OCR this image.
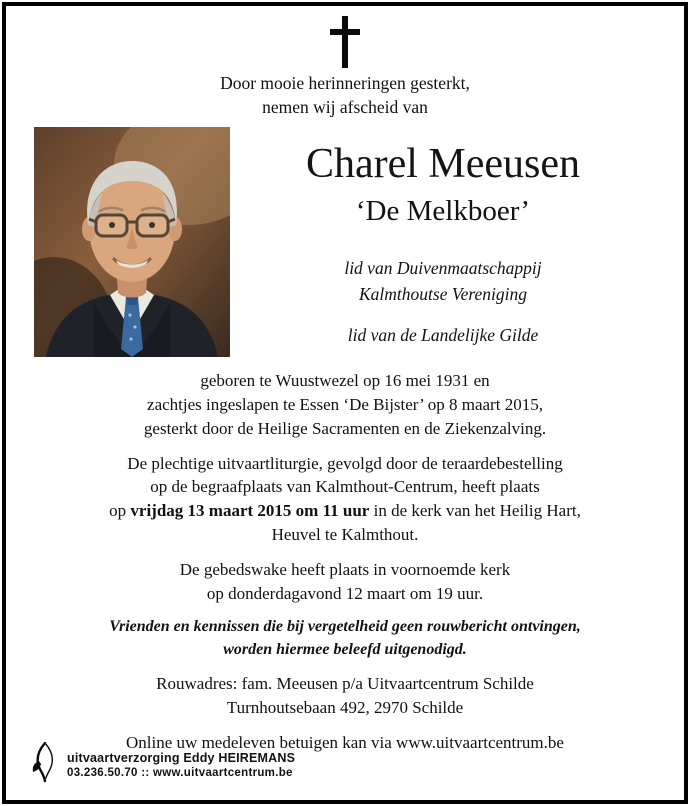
Door mooie herinneringen gesterkt,
nemen wij afscheid van
Charel Meeusen
‘De Melkboer’
lid van Duivenmaatschappij
Kalmthoutse Vereniging
lid van de Landelijke Gilde
geboren te Wuustwezel op 16 mei 1931 en
zachtjes ingeslapen te Essen ‘De Bijster’ op 8 maart 2015,
gesterkt door de Heilige Sacramenten en de Ziekenzalving.
De plechtige uitvaartliturgie, gevolgd door de teraardebestelling
op de begraafplaats van Kalmthout-Centrum, heeft plaats
op vrijdag 13 maart 2015 om 11 uur in de kerk van het Heilig Hart,
Heuvel te Kalmthout.
De gebedswake heeft plaats in voornoemde kerk
op donderdagavond 12 maart om 19 uur.
Vrienden en kennissen die bij vergetelheid geen rouwbericht ontvingen,
worden hiermee beleefd uitgenodigd.
Rouwadres: fam. Meeusen p/a Uitvaartcentrum Schilde
Turnhoutsebaan 492, 2970 Schilde
Online uw medeleven betuigen kan via www.uitvaartcentrum.be
uitvaartverzorging Eddy HEIREMANS
03.236.50.70 :: www.uitvaartcentrum.be
